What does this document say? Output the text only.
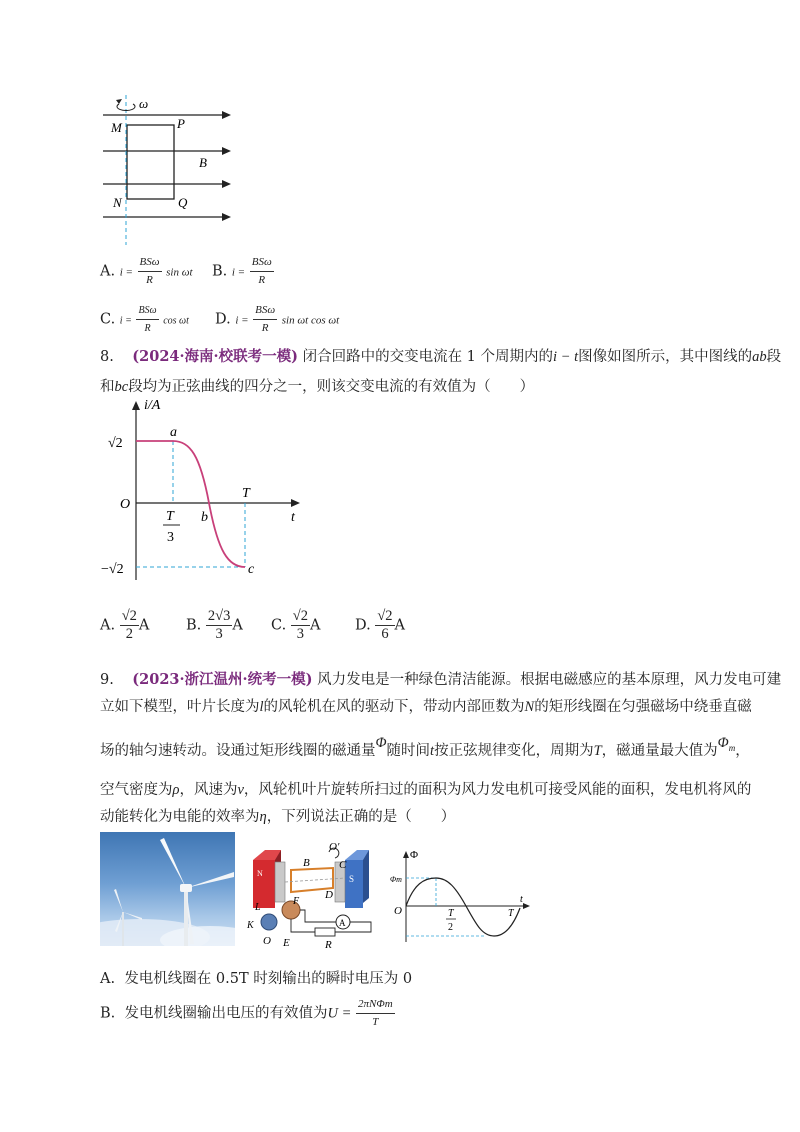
ω
M	P
B
N	Q
A. $i = \frac{\text{BSω}}{R}$ sin ωt B. $i = \frac{\text{BSω}}{R}$
C. $i = \frac{\text{BSω}}{R}$ cos ωt D. $i = \frac{\text{BSω}}{R}$ sin ωt cos ωt
8. (2024·海南·校联考一模) 闭合回路中的交变电流在 1 个周期内的i − t图像如图所示，其中图线的ab段
和bc段均为正弦曲线的四分之一，则该交变电流的有效值为（　　）
i/A
√2
−√2
O
a
b
c
T
t
T
3
A. $\frac{√2}{2}$ A	B. $\frac{2√3}{3}$ A C. $\frac{√2}{3}$ A D. $\frac{√2}{6}$ A
9. (2023·浙江温州·统考一模) 风力发电是一种绿色清洁能源。根据电磁感应的基本原理，风力发电可建
立如下模型，叶片长度为l的风轮机在风的驱动下，带动内部匝数为N的矩形线圈在匀强磁场中绕垂直磁
场的轴匀速转动。设通过矩形线圈的磁通量Φ随时间t按正弦规律变化，周期为T，磁通量最大值为$\Phi^m$，
空气密度为ρ，风速为v，风轮机叶片旋转所扫过的面积为风力发电机可接受风能的面积，发电机将风的
动能转化为电能的效率为η，下列说法正确的是（　　）
A
N
S
B
O′
C
D
F
L
K
O E	R
Φ
Φm
O
t
T
2
T
A. 发电机线圈在 0.5T 时刻输出的瞬时电压为 0
B. 发电机线圈输出电压的有效值为$U = \frac{\text{2πNΦm}}{T}$
